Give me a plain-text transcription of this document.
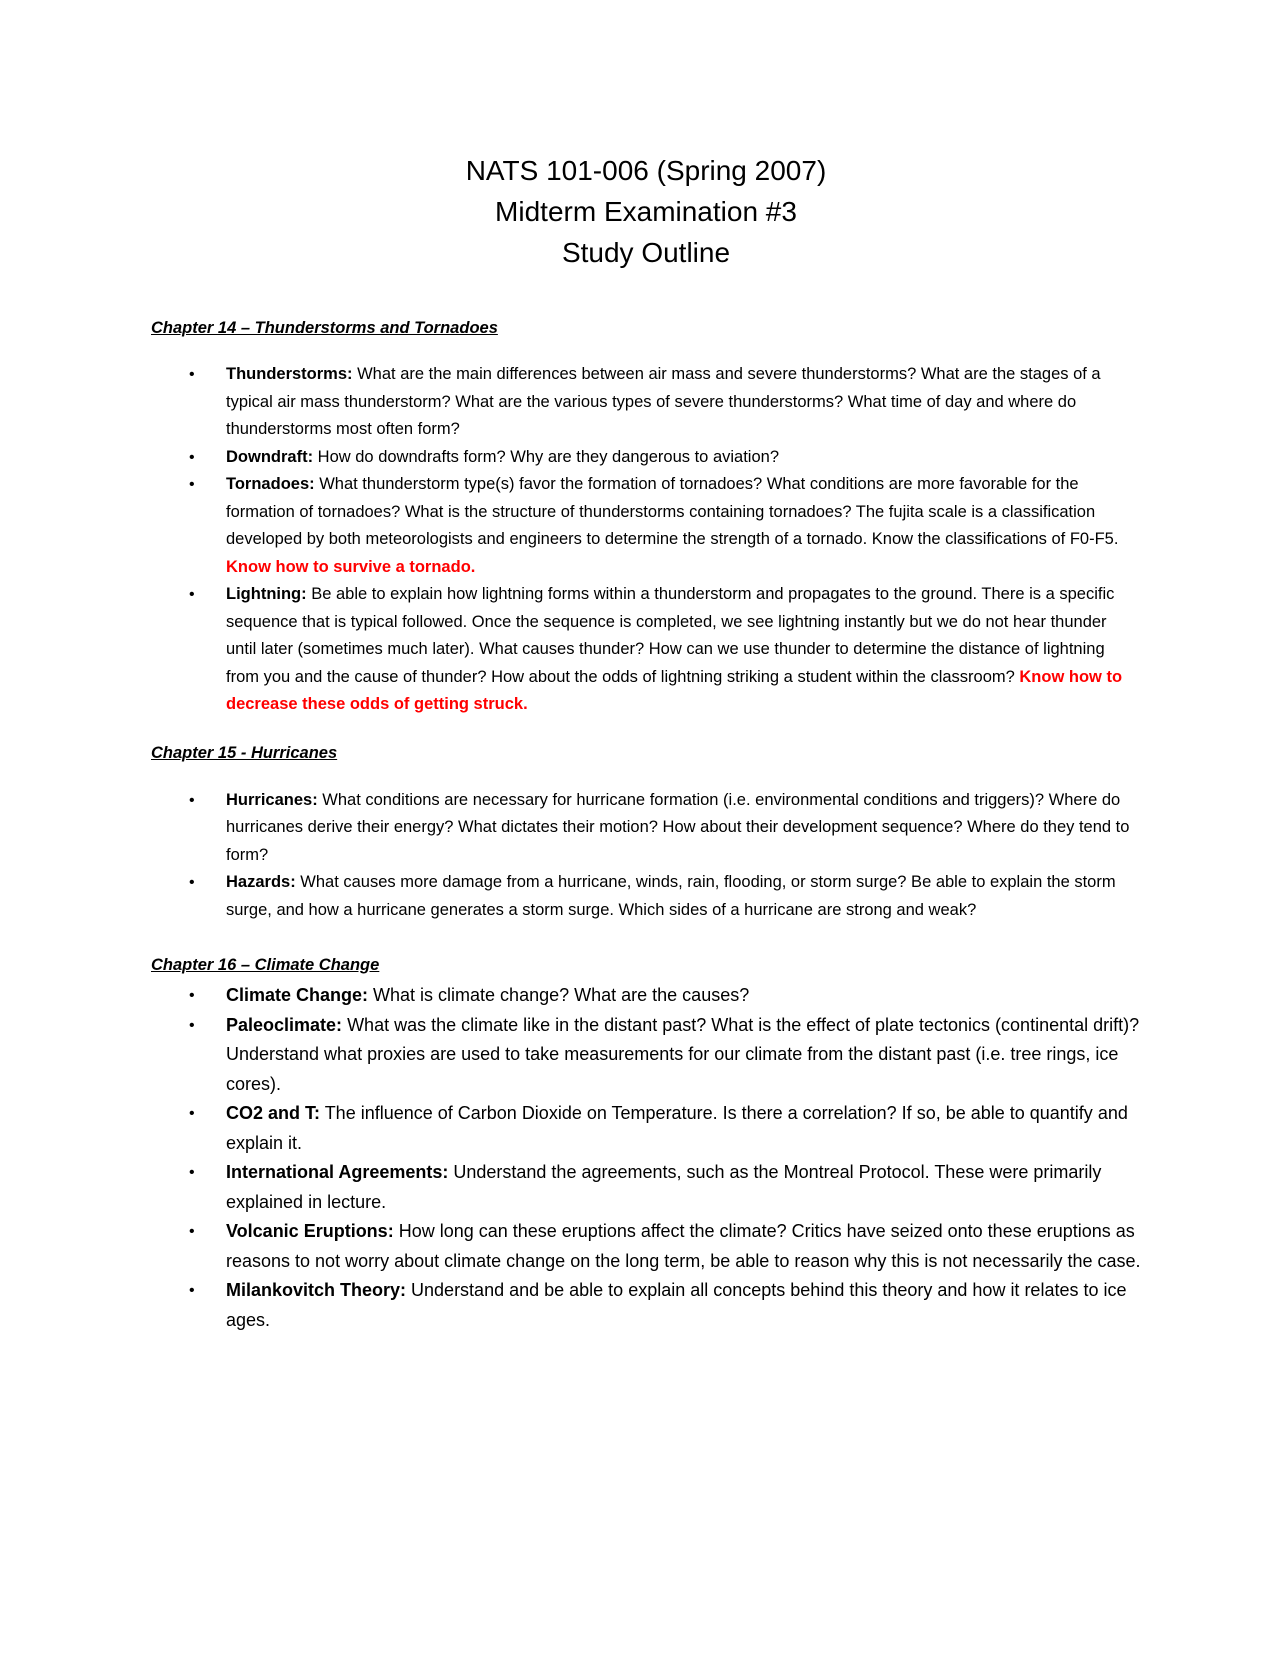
NATS 101-006 (Spring 2007)
Midterm Examination #3
Study Outline
Chapter 14 – Thunderstorms and Tornadoes
• Thunderstorms: What are the main differences between air mass and severe thunderstorms? What are the stages of a typical air mass thunderstorm? What are the various types of severe thunderstorms? What time of day and where do thunderstorms most often form?
• Downdraft: How do downdrafts form? Why are they dangerous to aviation?
• Tornadoes: What thunderstorm type(s) favor the formation of tornadoes? What conditions are more favorable for the formation of tornadoes? What is the structure of thunderstorms containing tornadoes? The fujita scale is a classification developed by both meteorologists and engineers to determine the strength of a tornado. Know the classifications of F0-F5. Know how to survive a tornado.
• Lightning: Be able to explain how lightning forms within a thunderstorm and propagates to the ground. There is a specific sequence that is typical followed. Once the sequence is completed, we see lightning instantly but we do not hear thunder until later (sometimes much later). What causes thunder? How can we use thunder to determine the distance of lightning from you and the cause of thunder? How about the odds of lightning striking a student within the classroom? Know how to decrease these odds of getting struck.
Chapter 15 - Hurricanes
• Hurricanes: What conditions are necessary for hurricane formation (i.e. environmental conditions and triggers)? Where do hurricanes derive their energy? What dictates their motion? How about their development sequence? Where do they tend to form?
• Hazards: What causes more damage from a hurricane, winds, rain, flooding, or storm surge? Be able to explain the storm surge, and how a hurricane generates a storm surge. Which sides of a hurricane are strong and weak?
Chapter 16 – Climate Change
• Climate Change: What is climate change? What are the causes?
• Paleoclimate: What was the climate like in the distant past? What is the effect of plate tectonics (continental drift)? Understand what proxies are used to take measurements for our climate from the distant past (i.e. tree rings, ice cores).
• CO2 and T: The influence of Carbon Dioxide on Temperature. Is there a correlation? If so, be able to quantify and explain it.
• International Agreements: Understand the agreements, such as the Montreal Protocol. These were primarily explained in lecture.
• Volcanic Eruptions: How long can these eruptions affect the climate? Critics have seized onto these eruptions as reasons to not worry about climate change on the long term, be able to reason why this is not necessarily the case.
• Milankovitch Theory: Understand and be able to explain all concepts behind this theory and how it relates to ice ages.
